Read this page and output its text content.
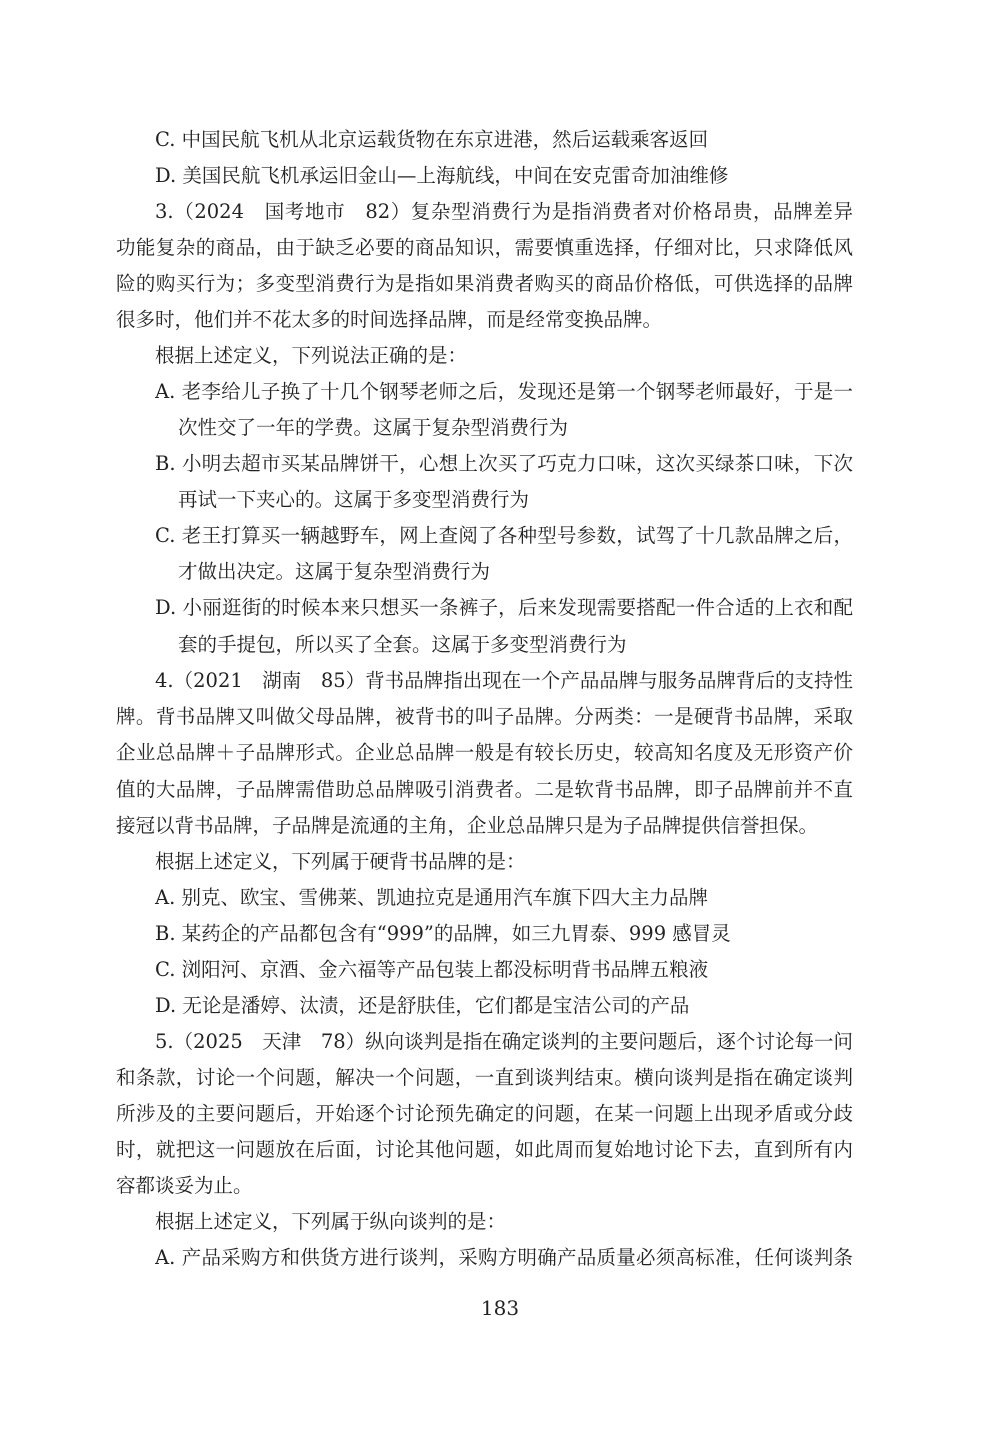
C. 中国民航飞机从北京运载货物在东京进港，然后运载乘客返回
D. 美国民航飞机承运旧金山—上海航线，中间在安克雷奇加油维修
3.（2024　国考地市　82）复杂型消费行为是指消费者对价格昂贵，品牌差异
功能复杂的商品，由于缺乏必要的商品知识，需要慎重选择，仔细对比，只求降低风
险的购买行为；多变型消费行为是指如果消费者购买的商品价格低，可供选择的品牌
很多时，他们并不花太多的时间选择品牌，而是经常变换品牌。
根据上述定义，下列说法正确的是：
A. 老李给儿子换了十几个钢琴老师之后，发现还是第一个钢琴老师最好，于是一
次性交了一年的学费。这属于复杂型消费行为
B. 小明去超市买某品牌饼干，心想上次买了巧克力口味，这次买绿茶口味，下次
再试一下夹心的。这属于多变型消费行为
C. 老王打算买一辆越野车，网上查阅了各种型号参数，试驾了十几款品牌之后，
才做出决定。这属于复杂型消费行为
D. 小丽逛街的时候本来只想买一条裤子，后来发现需要搭配一件合适的上衣和配
套的手提包，所以买了全套。这属于多变型消费行为
4.（2021　湖南　85）背书品牌指出现在一个产品品牌与服务品牌背后的支持性
牌。背书品牌又叫做父母品牌，被背书的叫子品牌。分两类：一是硬背书品牌，采取
企业总品牌＋子品牌形式。企业总品牌一般是有较长历史，较高知名度及无形资产价
值的大品牌，子品牌需借助总品牌吸引消费者。二是软背书品牌，即子品牌前并不直
接冠以背书品牌，子品牌是流通的主角，企业总品牌只是为子品牌提供信誉担保。
根据上述定义，下列属于硬背书品牌的是：
A. 别克、欧宝、雪佛莱、凯迪拉克是通用汽车旗下四大主力品牌
B. 某药企的产品都包含有“999”的品牌，如三九胃泰、999 感冒灵
C. 浏阳河、京酒、金六福等产品包装上都没标明背书品牌五粮液
D. 无论是潘婷、汰渍，还是舒肤佳，它们都是宝洁公司的产品
5.（2025　天津　78）纵向谈判是指在确定谈判的主要问题后，逐个讨论每一问
和条款，讨论一个问题，解决一个问题，一直到谈判结束。横向谈判是指在确定谈判
所涉及的主要问题后，开始逐个讨论预先确定的问题，在某一问题上出现矛盾或分歧
时，就把这一问题放在后面，讨论其他问题，如此周而复始地讨论下去，直到所有内
容都谈妥为止。
根据上述定义，下列属于纵向谈判的是：
A. 产品采购方和供货方进行谈判，采购方明确产品质量必须高标准，任何谈判条
183
